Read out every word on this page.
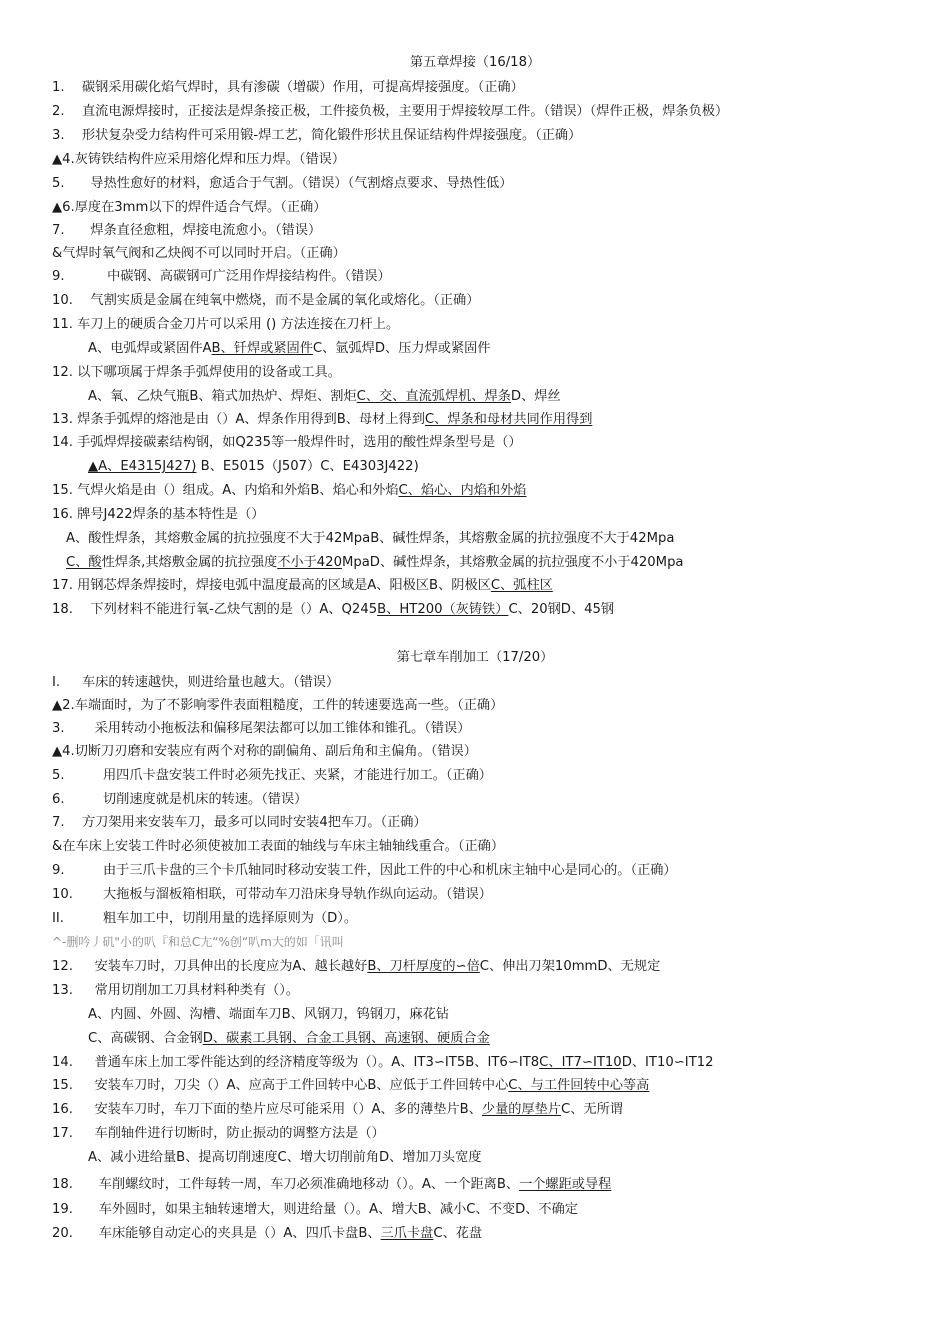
第五章焊接（16/18）
1. 碳钢采用碳化焰气焊时，具有渗碳（增碳）作用，可提高焊接强度。（正确）
2. 直流电源焊接时，正接法是焊条接正极，工件接负极，主要用于焊接较厚工件。（错误）（焊件正极，焊条负极）
3. 形状复杂受力结构件可采用锻-焊工艺，简化锻件形状且保证结构件焊接强度。（正确）
▲4.灰铸铁结构件应采用熔化焊和压力焊。（错误）
5. 导热性愈好的材料，愈适合于气割。（错误）（气割熔点要求、导热性低）
▲6.厚度在3mm以下的焊件适合气焊。（正确）
7. 焊条直径愈粗，焊接电流愈小。（错误）
&气焊时氧气阀和乙炔阀不可以同时开启。（正确）
9.	中碳钢、高碳钢可广泛用作焊接结构件。（错误）
10. 气割实质是金属在纯氧中燃烧，而不是金属的氧化或熔化。（正确）
11. 车刀上的硬质合金刀片可以采用 () 方法连接在刀杆上。
A、电弧焊或紧固件AB、钎焊或紧固件C、氩弧焊D、压力焊或紧固件
12. 以下哪项属于焊条手弧焊使用的设备或工具。
A、氧、乙炔气瓶B、箱式加热炉、焊炬、割炬C、交、直流弧焊机、焊条D、焊丝
13. 焊条手弧焊的熔池是由（）A、焊条作用得到B、母材上得到C、焊条和母材共同作用得到
14. 手弧焊焊接碳素结构钢，如Q235等一般焊件时，选用的酸性焊条型号是（）
▲A、E4315J427) B、E5015（J507）C、E4303J422)
15. 气焊火焰是由（）组成。A、内焰和外焰B、焰心和外焰C、焰心、内焰和外焰
16. 牌号J422焊条的基本特性是（）
A、酸性焊条，其熔敷金属的抗拉强度不大于42MpaB、碱性焊条，其熔敷金属的抗拉强度不大于42Mpa
C、酸性焊条,其熔敷金属的抗拉强度不小于420MpaD、碱性焊条，其熔敷金属的抗拉强度不小于420Mpa
17. 用钢芯焊条焊接时，焊接电弧中温度最高的区域是A、阳极区B、阴极区C、弧柱区
18. 下列材料不能进行氧-乙炔气割的是（）A、Q245B、HT200（灰铸铁）C、20钢D、45钢
第七章车削加工（17/20）
I. 车床的转速越快，则进给量也越大。（错误）
▲2.车端面时，为了不影响零件表面粗糙度，工件的转速要选高一些。（正确）
3. 采用转动小拖板法和偏移尾架法都可以加工锥体和锥孔。（错误）
▲4.切断刀刃磨和安装应有两个对称的副偏角、副后角和主偏角。（错误）
5.	用四爪卡盘安装工件时必须先找正、夹紧，才能进行加工。（正确）
6.	切削速度就是机床的转速。（错误）
7. 方刀架用来安装车刀，最多可以同时安装4把车刀。（正确）
&在车床上安装工件时必须使被加工表面的轴线与车床主轴轴线重合。（正确）
9.	由于三爪卡盘的三个卡爪轴同时移动安装工件，因此工件的中心和机床主轴中心是同心的。（正确）
10. 大拖板与溜板箱相联，可带动车刀沿床身导轨作纵向运动。（错误）
II.	粗车加工中，切削用量的选择原则为（D）。
^-删吟丿矶"小的叭『和总C尢“%创“叭m大的如「讯叫
12. 安装车刀时，刀具伸出的长度应为A、越长越好B、刀杆厚度的∽倍C、伸出刀架10mmD、无规定
13. 常用切削加工刀具材料种类有（）。
A、内圆、外圆、沟槽、端面车刀B、风钢刀，钨钢刀，麻花钻
C、高碳钢、合金钢D、碳素工具钢、合金工具钢、高速钢、硬质合金
14. 普通车床上加工零件能达到的经济精度等级为（）。A、IT3∽IT5B、IT6∽IT8C、IT7∽IT10D、IT10∽IT12
15. 安装车刀时，刀尖（）A、应高于工件回转中心B、应低于工件回转中心C、与工件回转中心等高
16. 安装车刀时，车刀下面的垫片应尽可能采用（）A、多的薄垫片B、少量的厚垫片C、无所谓
17. 车削轴件进行切断时，防止振动的调整方法是（）
A、减小进给量B、提高切削速度C、增大切削前角D、增加刀头宽度
18. 车削螺纹时，工件每转一周，车刀必须准确地移动（）。A、一个距离B、一个螺距或导程
19. 车外圆时，如果主轴转速增大，则进给量（）。A、增大B、减小C、不变D、不确定
20. 车床能够自动定心的夹具是（）A、四爪卡盘B、三爪卡盘C、花盘
